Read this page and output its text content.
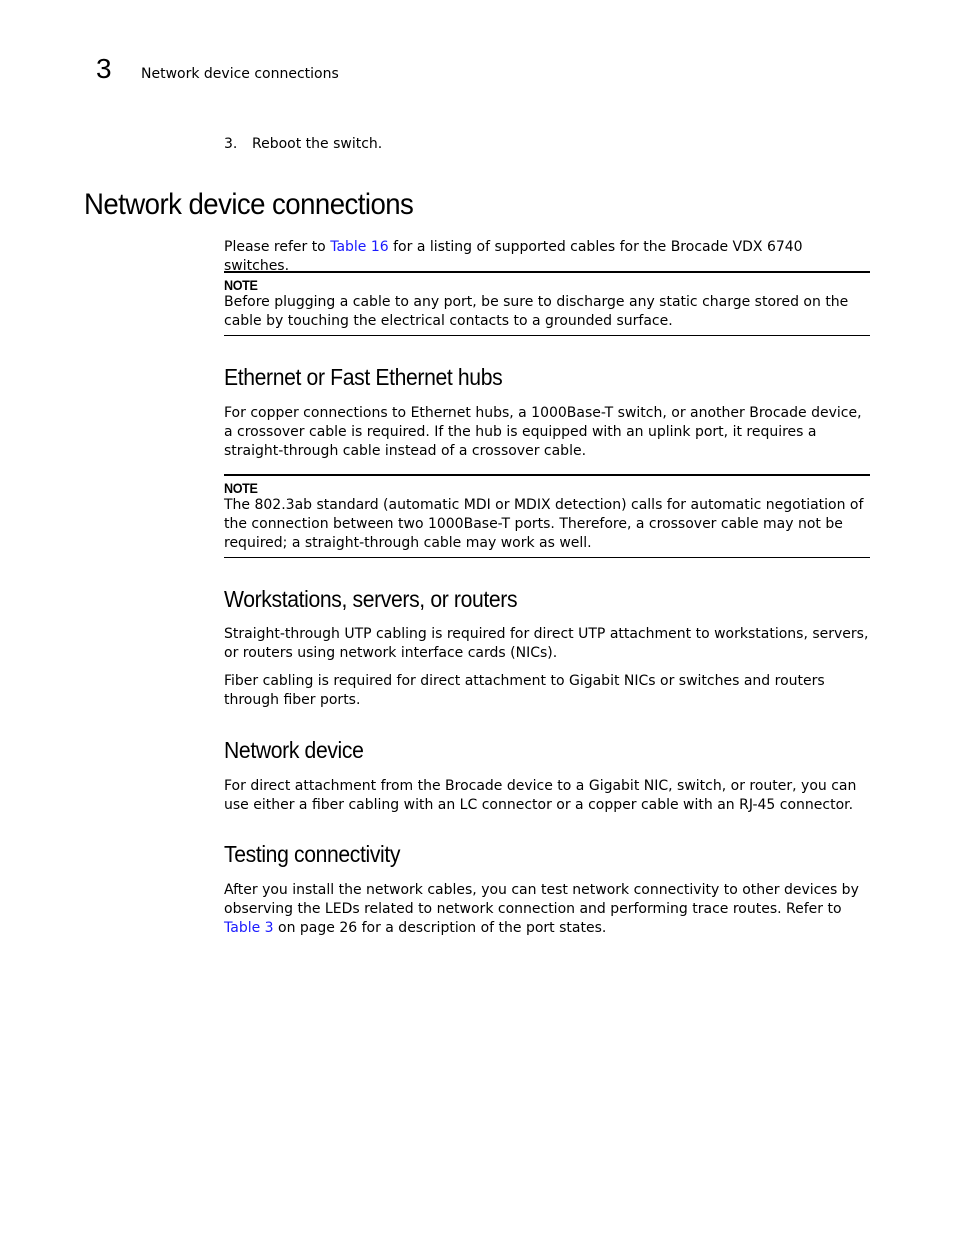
3 Network device connections
3. Reboot the switch.
Network device connections
Please refer to Table 16 for a listing of supported cables for the Brocade VDX 6740 switches.
NOTE
Before plugging a cable to any port, be sure to discharge any static charge stored on the cable by touching the electrical contacts to a grounded surface.
Ethernet or Fast Ethernet hubs
For copper connections to Ethernet hubs, a 1000Base-T switch, or another Brocade device, a crossover cable is required. If the hub is equipped with an uplink port, it requires a straight-through cable instead of a crossover cable.
NOTE
The 802.3ab standard (automatic MDI or MDIX detection) calls for automatic negotiation of the connection between two 1000Base-T ports. Therefore, a crossover cable may not be required; a straight-through cable may work as well.
Workstations, servers, or routers
Straight-through UTP cabling is required for direct UTP attachment to workstations, servers, or routers using network interface cards (NICs).
Fiber cabling is required for direct attachment to Gigabit NICs or switches and routers through fiber ports.
Network device
For direct attachment from the Brocade device to a Gigabit NIC, switch, or router, you can use either a fiber cabling with an LC connector or a copper cable with an RJ-45 connector.
Testing connectivity
After you install the network cables, you can test network connectivity to other devices by observing the LEDs related to network connection and performing trace routes. Refer to Table 3 on page 26 for a description of the port states.
